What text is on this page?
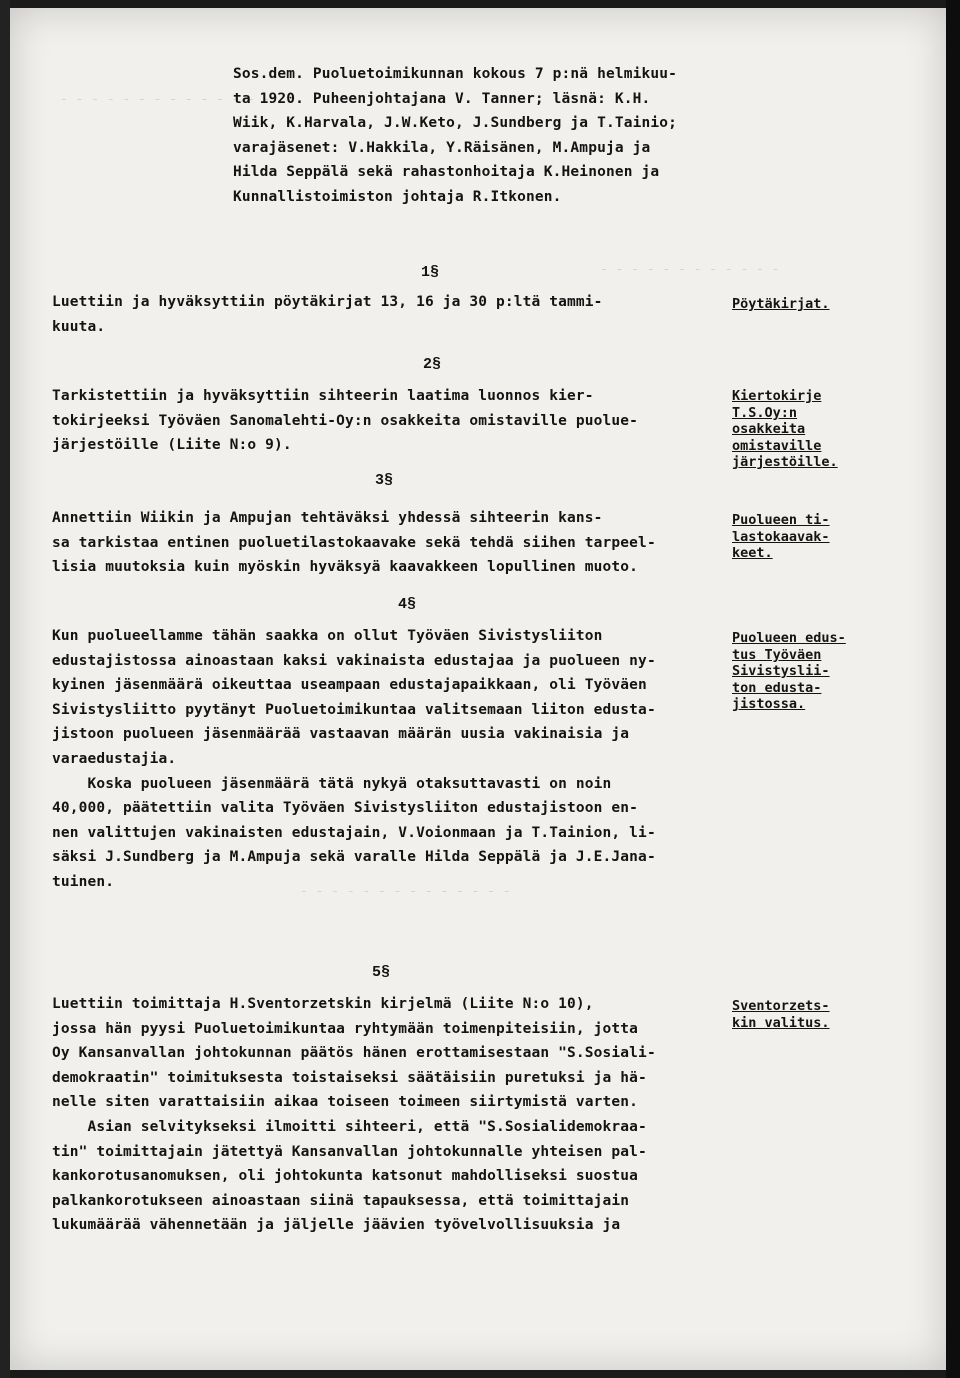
Sos.dem. Puoluetoimikunnan kokous 7 p:nä helmikuu-
ta 1920. Puheenjohtajana V. Tanner; läsnä: K.H.
Wiik, K.Harvala, J.W.Keto, J.Sundberg ja T.Tainio;
varajäsenet: V.Hakkila, Y.Räisänen, M.Ampuja ja
Hilda Seppälä sekä rahastonhoitaja K.Heinonen ja
Kunnallistoimiston johtaja R.Itkonen.
1§
Luettiin ja hyväksyttiin pöytäkirjat 13, 16 ja 30 p:ltä tammi-
kuuta.
Pöytäkirjat.
2§
Tarkistettiin ja hyväksyttiin sihteerin laatima luonnos kier-
tokirjeeksi Työväen Sanomalehti-Oy:n osakkeita omistaville puolue-
järjestöille (Liite N:o 9).
Kiertokirje
T.S.Oy:n
osakkeita
omistaville
järjestöille.
3§
Annettiin Wiikin ja Ampujan tehtäväksi yhdessä sihteerin kans-
sa tarkistaa entinen puoluetilastokaavake sekä tehdä siihen tarpeel-
lisia muutoksia kuin myöskin hyväksyä kaavakkeen lopullinen muoto.
Puolueen ti-
lastokaavak-
keet.
4§
Kun puolueellamme tähän saakka on ollut Työväen Sivistysliiton
edustajistossa ainoastaan kaksi vakinaista edustajaa ja puolueen ny-
kyinen jäsenmäärä oikeuttaa useampaan edustajapaikkaan, oli Työväen
Sivistysliitto pyytänyt Puoluetoimikuntaa valitsemaan liiton edusta-
jistoon puolueen jäsenmäärää vastaavan määrän uusia vakinaisia ja
varaedustajia.
Koska puolueen jäsenmäärä tätä nykyä otaksuttavasti on noin
40,000, päätettiin valita Työväen Sivistysliiton edustajistoon en-
nen valittujen vakinaisten edustajain, V.Voionmaan ja T.Tainion, li-
säksi J.Sundberg ja M.Ampuja sekä varalle Hilda Seppälä ja J.E.Jana-
tuinen.
Puolueen edus-
tus Työväen
Sivistyslii-
ton edusta-
jistossa.
5§
Luettiin toimittaja H.Sventorzetskin kirjelmä (Liite N:o 10),
jossa hän pyysi Puoluetoimikuntaa ryhtymään toimenpiteisiin, jotta
Oy Kansanvallan johtokunnan päätös hänen erottamisestaan "S.Sosiali-
demokraatin" toimituksesta toistaiseksi säätäisiin puretuksi ja hä-
nelle siten varattaisiin aikaa toiseen toimeen siirtymistä varten.
Asian selvitykseksi ilmoitti sihteeri, että "S.Sosialidemokraa-
tin" toimittajain jätettyä Kansanvallan johtokunnalle yhteisen pal-
kankorotusanomuksen, oli johtokunta katsonut mahdolliseksi suostua
palkankorotukseen ainoastaan siinä tapauksessa, että toimittajain
lukumäärää vähennetään ja jäljelle jäävien työvelvollisuuksia ja
Sventorzets-
kin valitus.
